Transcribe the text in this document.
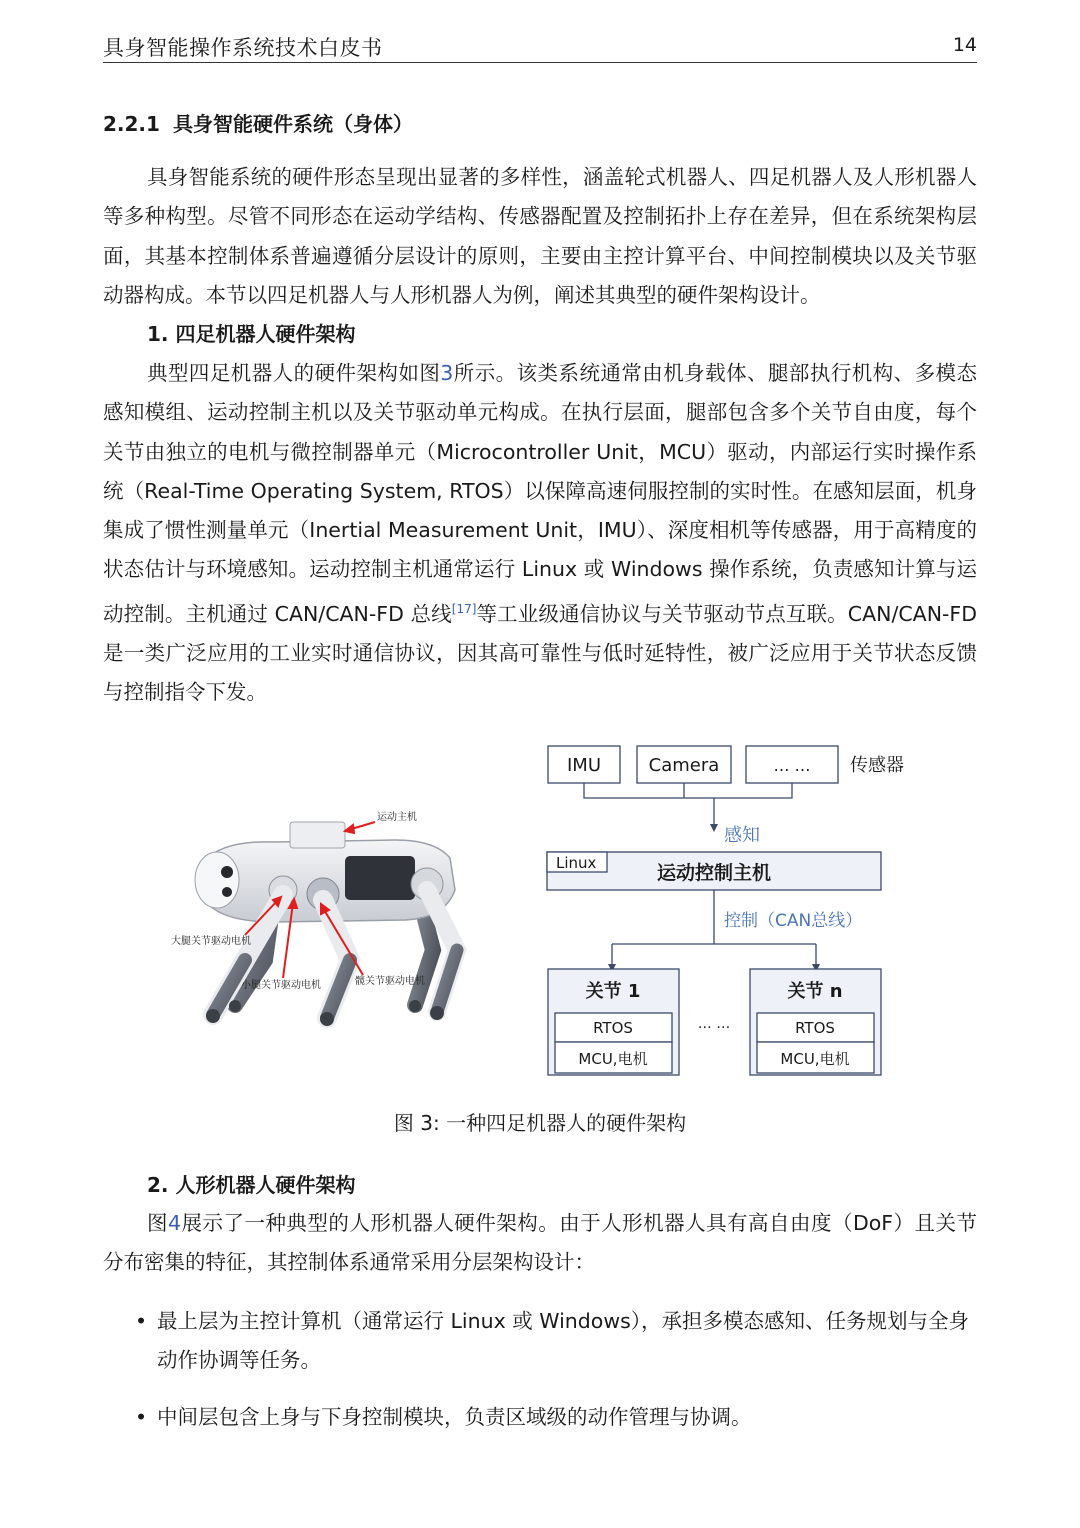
具身智能操作系统技术白皮书	14
2.2.1 具身智能硬件系统（身体）

具身智能系统的硬件形态呈现出显著的多样性，涵盖轮式机器人、四足机器人及人形机器人等多种构型。尽管不同形态在运动学结构、传感器配置及控制拓扑上存在差异，但在系统架构层面，其基本控制体系普遍遵循分层设计的原则，主要由主控计算平台、中间控制模块以及关节驱动器构成。本节以四足机器人与人形机器人为例，阐述其典型的硬件架构设计。

1. 四足机器人硬件架构

典型四足机器人的硬件架构如图3所示。该类系统通常由机身载体、腿部执行机构、多模态感知模组、运动控制主机以及关节驱动单元构成。在执行层面，腿部包含多个关节自由度，每个关节由独立的电机与微控制器单元（Microcontroller Unit，MCU）驱动，内部运行实时操作系统（Real-Time Operating System, RTOS）以保障高速伺服控制的实时性。在感知层面，机身集成了惯性测量单元（Inertial Measurement Unit，IMU）、深度相机等传感器，用于高精度的状态估计与环境感知。运动控制主机通常运行 Linux 或 Windows 操作系统，负责感知计算与运动控制。主机通过 CAN/CAN-FD 总线[17]等工业级通信协议与关节驱动节点互联。CAN/CAN-FD 是一类广泛应用的工业实时通信协议，因其高可靠性与低时延特性，被广泛应用于关节状态反馈与控制指令下发。

运动主机
大腿关节驱动电机
小腿关节驱动电机	髋关节驱动电机
IMU	Camera	… … 传感器
感知
Linux	运动控制主机
控制（CAN总线）
关节 1
RTOS
MCU,电机
关节 n
RTOS
MCU,电机
… …
图 3: 一种四足机器人的硬件架构
2. 人形机器人硬件架构

图4展示了一种典型的人形机器人硬件架构。由于人形机器人具有高自由度（DoF）且关节分布密集的特征，其控制体系通常采用分层架构设计：

• 最上层为主控计算机（通常运行 Linux 或 Windows），承担多模态感知、任务规划与全身动作协调等任务。
• 中间层包含上身与下身控制模块，负责区域级的动作管理与协调。
